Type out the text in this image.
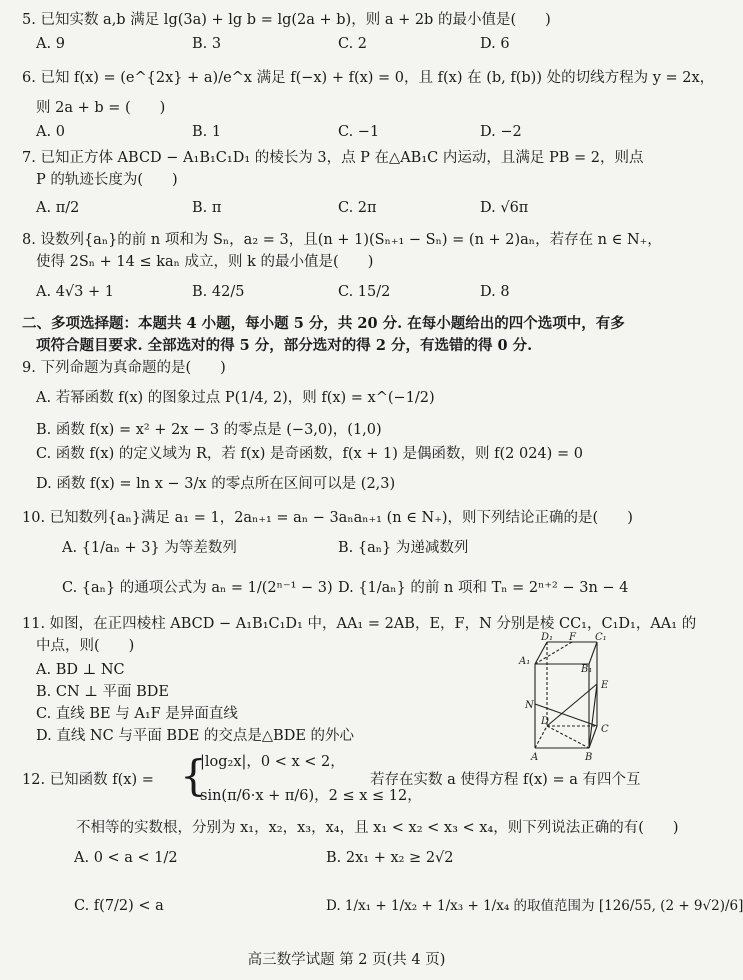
5. 已知实数 a,b 满足 lg(3a) + lg b = lg(2a + b)，则 a + 2b 的最小值是(　　)
A. 9	B. 3	C. 2	D. 6
6. 已知 f(x) = (e^{2x} + a)/e^x 满足 f(−x) + f(x) = 0，且 f(x) 在 (b, f(b)) 处的切线方程为 y = 2x，
则 2a + b = (　　)
A. 0	B. 1	C. −1	D. −2
7. 已知正方体 ABCD − A₁B₁C₁D₁ 的棱长为 3，点 P 在△AB₁C 内运动，且满足 PB = 2，则点
P 的轨迹长度为(　　)
A. π/2	B. π	C. 2π	D. √6π
8. 设数列{aₙ}的前 n 项和为 Sₙ，a₂ = 3，且(n + 1)(Sₙ₊₁ − Sₙ) = (n + 2)aₙ，若存在 n ∈ N₊，
使得 2Sₙ + 14 ≤ kaₙ 成立，则 k 的最小值是(　　)
A. 4√3 + 1	B. 42/5	C. 15/2	D. 8
二、多项选择题：本题共 4 小题，每小题 5 分，共 20 分. 在每小题给出的四个选项中，有多
项符合题目要求. 全部选对的得 5 分，部分选对的得 2 分，有选错的得 0 分.
9. 下列命题为真命题的是(　　)
A. 若幂函数 f(x) 的图象过点 P(1/4, 2)，则 f(x) = x^(−1/2)
B. 函数 f(x) = x² + 2x − 3 的零点是 (−3,0)，(1,0)
C. 函数 f(x) 的定义域为 R，若 f(x) 是奇函数，f(x + 1) 是偶函数，则 f(2 024) = 0
D. 函数 f(x) = ln x − 3/x 的零点所在区间可以是 (2,3)
10. 已知数列{aₙ}满足 a₁ = 1，2aₙ₊₁ = aₙ − 3aₙaₙ₊₁ (n ∈ N₊)，则下列结论正确的是(　　)
A. {1/aₙ + 3} 为等差数列	B. {aₙ} 为递减数列
C. {aₙ} 的通项公式为 aₙ = 1/(2ⁿ⁻¹ − 3) D. {1/aₙ} 的前 n 项和 Tₙ = 2ⁿ⁺² − 3n − 4
11. 如图，在正四棱柱 ABCD − A₁B₁C₁D₁ 中，AA₁ = 2AB，E，F，N 分别是棱 CC₁，C₁D₁，AA₁ 的
中点，则(　　)
A. BD ⊥ NC
B. CN ⊥ 平面 BDE
C. 直线 BE 与 A₁F 是异面直线
D. 直线 NC 与平面 BDE 的交点是△BDE 的外心
D₁ F C₁
A₁
B₁
E
N
D
C
A	B
12. 已知函数 f(x) = {
|log₂x|，0 < x < 2，
sin(π/6·x + π/6)，2 ≤ x ≤ 12，
若存在实数 a 使得方程 f(x) = a 有四个互
不相等的实数根，分别为 x₁，x₂，x₃，x₄，且 x₁ < x₂ < x₃ < x₄，则下列说法正确的有(　　)
A. 0 < a < 1/2	B. 2x₁ + x₂ ≥ 2√2
C. f(7/2) < a	D. 1/x₁ + 1/x₂ + 1/x₃ + 1/x₄ 的取值范围为 [126/55, (2 + 9√2)/6]
高三数学试题 第 2 页(共 4 页)
